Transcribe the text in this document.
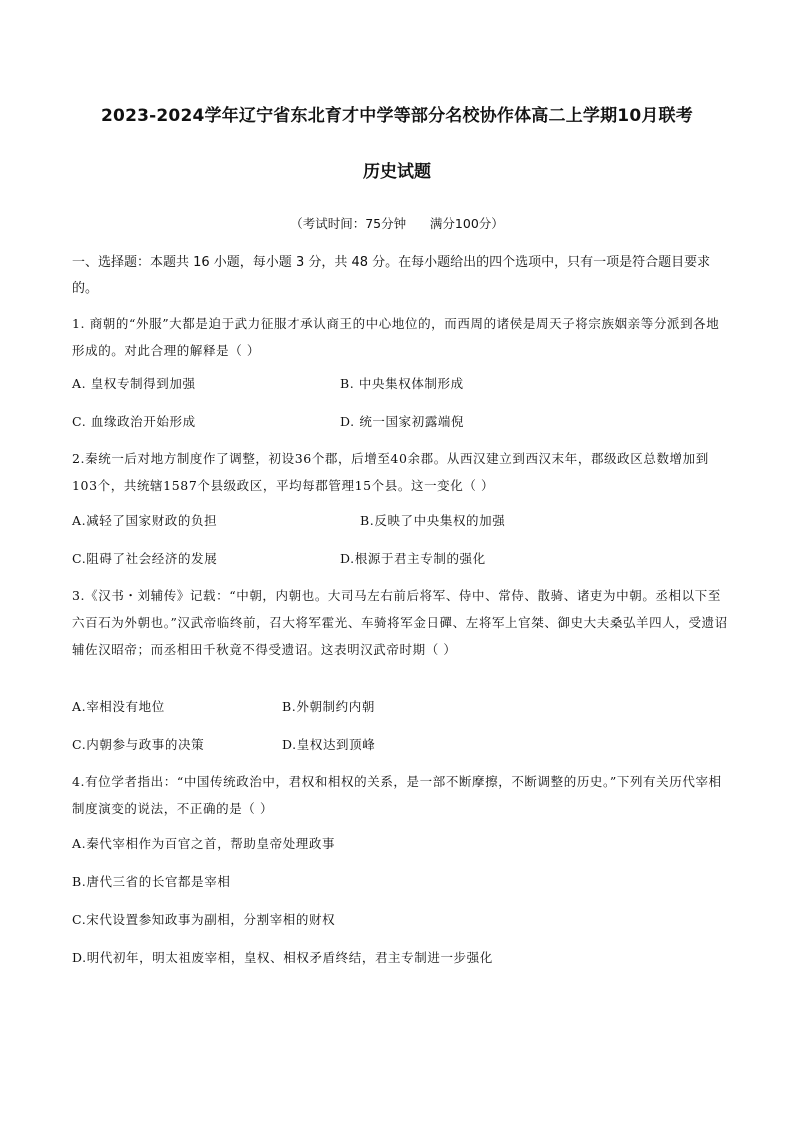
2023-2024学年辽宁省东北育才中学等部分名校协作体高二上学期10月联考
历史试题
（考试时间：75分钟      满分100分）
一、选择题：本题共 16 小题，每小题 3 分，共 48 分。在每小题给出的四个选项中，只有一项是符合题目要求的。
1. 商朝的“外服”大都是迫于武力征服才承认商王的中心地位的，而西周的诸侯是周天子将宗族姻亲等分派到各地形成的。对此合理的解释是（ ）
A. 皇权专制得到加强	B. 中央集权体制形成
C. 血缘政治开始形成	D. 统一国家初露端倪
2.秦统一后对地方制度作了调整，初设36个郡，后增至40余郡。从西汉建立到西汉末年，郡级政区总数增加到103个，共统辖1587个县级政区，平均每郡管理15个县。这一变化（ ）
A.减轻了国家财政的负担	B.反映了中央集权的加强
C.阻碍了社会经济的发展	D.根源于君主专制的强化
3.《汉书・刘辅传》记载：“中朝，内朝也。大司马左右前后将军、侍中、常侍、散骑、诸吏为中朝。丞相以下至六百石为外朝也。”汉武帝临终前，召大将军霍光、车骑将军金日磾、左将军上官桀、御史大夫桑弘羊四人，受遗诏辅佐汉昭帝；而丞相田千秋竟不得受遗诏。这表明汉武帝时期（ ）
A.宰相没有地位	B.外朝制约内朝
C.内朝参与政事的决策	D.皇权达到顶峰
4.有位学者指出：“中国传统政治中，君权和相权的关系，是一部不断摩擦，不断调整的历史。”下列有关历代宰相制度演变的说法，不正确的是（ ）
A.秦代宰相作为百官之首，帮助皇帝处理政事
B.唐代三省的长官都是宰相
C.宋代设置参知政事为副相，分割宰相的财权
D.明代初年，明太祖废宰相，皇权、相权矛盾终结，君主专制进一步强化
